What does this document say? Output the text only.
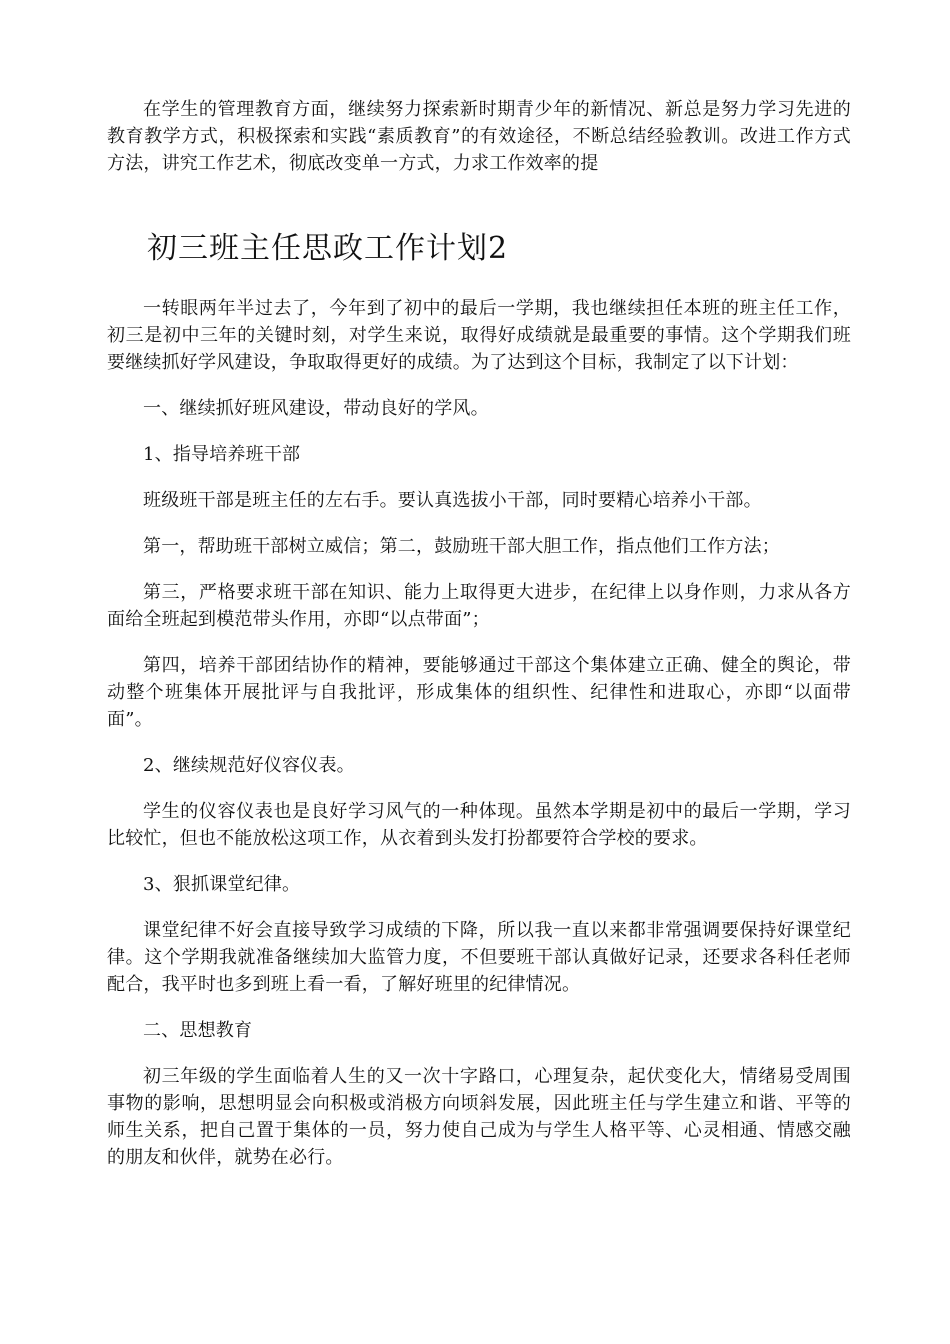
在学生的管理教育方面，继续努力探索新时期青少年的新情况、新总是努力学习先进的教育教学方式，积极探索和实践“素质教育”的有效途径，不断总结经验教训。改进工作方式方法，讲究工作艺术，彻底改变单一方式，力求工作效率的提

初三班主任思政工作计划2

一转眼两年半过去了，今年到了初中的最后一学期，我也继续担任本班的班主任工作，初三是初中三年的关键时刻，对学生来说，取得好成绩就是最重要的事情。这个学期我们班要继续抓好学风建设，争取取得更好的成绩。为了达到这个目标，我制定了以下计划：

一、继续抓好班风建设，带动良好的学风。

1、指导培养班干部

班级班干部是班主任的左右手。要认真选拔小干部，同时要精心培养小干部。

第一，帮助班干部树立威信；第二，鼓励班干部大胆工作，指点他们工作方法；

第三，严格要求班干部在知识、能力上取得更大进步，在纪律上以身作则，力求从各方面给全班起到模范带头作用，亦即“以点带面”；

第四，培养干部团结协作的精神，要能够通过干部这个集体建立正确、健全的舆论，带动整个班集体开展批评与自我批评，形成集体的组织性、纪律性和进取心，亦即“以面带面”。

2、继续规范好仪容仪表。

学生的仪容仪表也是良好学习风气的一种体现。虽然本学期是初中的最后一学期，学习比较忙，但也不能放松这项工作，从衣着到头发打扮都要符合学校的要求。

3、狠抓课堂纪律。

课堂纪律不好会直接导致学习成绩的下降，所以我一直以来都非常强调要保持好课堂纪律。这个学期我就准备继续加大监管力度，不但要班干部认真做好记录，还要求各科任老师配合，我平时也多到班上看一看，了解好班里的纪律情况。

二、思想教育

初三年级的学生面临着人生的又一次十字路口，心理复杂，起伏变化大，情绪易受周围事物的影响，思想明显会向积极或消极方向顷斜发展，因此班主任与学生建立和谐、平等的师生关系，把自己置于集体的一员，努力使自己成为与学生人格平等、心灵相通、情感交融的朋友和伙伴，就势在必行。
